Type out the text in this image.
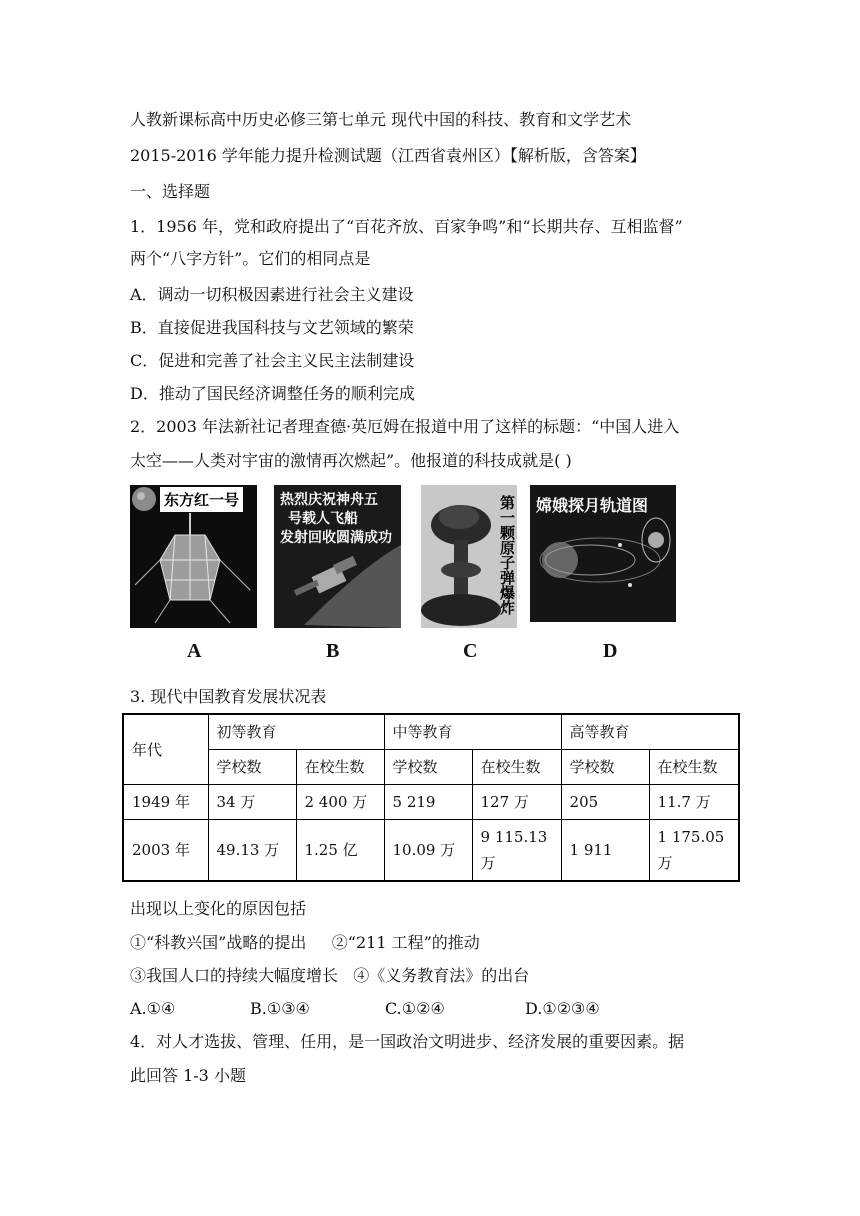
人教新课标高中历史必修三第七单元 现代中国的科技、教育和文学艺术
2015-2016 学年能力提升检测试题（江西省袁州区）【解析版，含答案】
一、选择题
1．1956 年，党和政府提出了“百花齐放、百家争鸣”和“长期共存、互相监督”
两个“八字方针”。它们的相同点是
A．调动一切积极因素进行社会主义建设
B．直接促进我国科技与文艺领域的繁荣
C．促进和完善了社会主义民主法制建设
D．推动了国民经济调整任务的顺利完成
2．2003 年法新社记者理查德·英厄姆在报道中用了这样的标题：“中国人进入
太空——人类对宇宙的激情再次燃起”。他报道的科技成就是( )
东方红一号
A
热烈庆祝神舟五
号载人飞船
发射回收圆满成功
B
第一颗原子弹爆炸
C
嫦娥探月轨道图
D
3. 现代中国教育发展状况表
年代	初等教育		中等教育		高等教育	
	学校数	在校生数	学校数	在校生数	学校数	在校生数
1949 年	34 万	2 400 万	5 219	127 万	205	11.7 万
2003 年	49.13 万	1.25 亿	10.09 万	9 115.13 万	1 911	1 175.05 万
出现以上变化的原因包括
①“科教兴国”战略的提出     ②“211 工程”的推动
③我国人口的持续大幅度增长   ④《义务教育法》的出台
A.①④	B.①③④	C.①②④	D.①②③④
4．对人才选拔、管理、任用，是一国政治文明进步、经济发展的重要因素。据
此回答 1-3 小题
